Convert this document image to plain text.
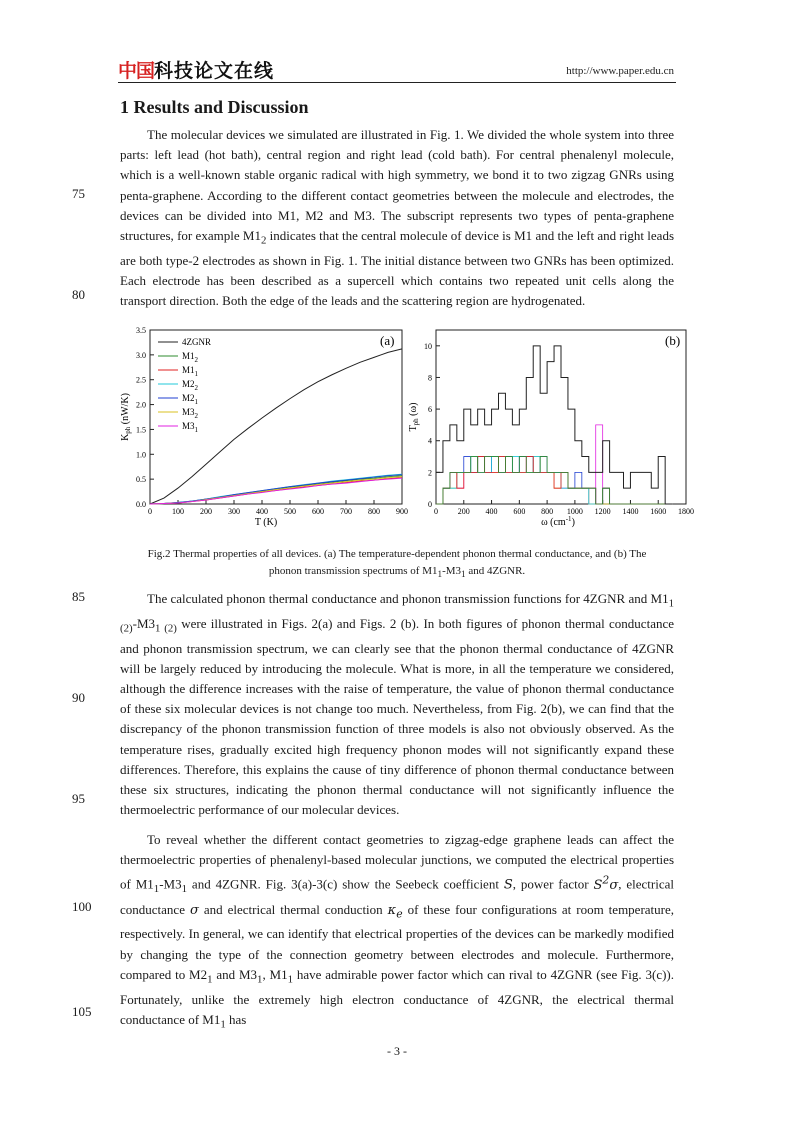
中国 科技论文在线	http://www.paper.edu.cn
1 Results and Discussion

The molecular devices we simulated are illustrated in Fig. 1. We divided the whole system into three parts: left lead (hot bath), central region and right lead (cold bath). For central phenalenyl molecule, which is a well-known stable organic radical with high symmetry, we bond it to two zigzag GNRs using penta-graphene. According to the different contact geometries between the molecule and electrodes, the devices can be divided into M1, M2 and M3. The subscript represents two types of penta-graphene structures, for example $M1_2$ indicates that the central molecule of device is M1 and the left and right leads are both type-2 electrodes as shown in Fig. 1. The initial distance between two GNRs has been optimized. Each electrode has been described as a supercell which contains two repeated unit cells along the transport direction. Both the edge of the leads and the scattering region are hydrogenated.

75
80
85
90
95
100
105
0.0
0.5
1.0
1.5
2.0
2.5
3.0
3.5
0	100 200 300 400 500 600 700 800 900
4ZGNR
$M1_2$
$M1_1$
$M2_2$
$M2_1$
$M3_2$
$M3_1$
(a)
T (K)
$K_{ph}$ (nW/K)
0
2
4
6
8
10
0 200 400 600 800 1000 1200 1400 1600 1800
(b)
ω $(cm^{-1})$
$T_{ph}$ (ω)
Fig.2 Thermal properties of all devices. (a) The temperature-dependent phonon thermal conductance, and (b) The
phonon transmission spectrums of $M1_1-M3_1$ and 4ZGNR.

The calculated phonon thermal conductance and phonon transmission functions for 4ZGNR and $M1_{1 (2)}-M3_{1 (2)}$ were illustrated in Figs. 2(a) and Figs. 2 (b). In both figures of phonon thermal conductance and phonon transmission spectrum, we can clearly see that the phonon thermal conductance of 4ZGNR will be largely reduced by introducing the molecule. What is more, in all the temperature we considered, although the difference increases with the raise of temperature, the value of phonon thermal conductance of these six molecular devices is not change too much. Nevertheless, from Fig. 2(b), we can find that the discrepancy of the phonon transmission function of three models is also not obviously observed. As the temperature rises, gradually excited high frequency phonon modes will not significantly expand these differences. Therefore, this explains the cause of tiny difference of phonon thermal conductance between these six structures, indicating the phonon thermal conductance will not significantly influence the thermoelectric performance of our molecular devices.

To reveal whether the different contact geometries to zigzag-edge graphene leads can affect the thermoelectric properties of phenalenyl-based molecular junctions, we computed the electrical properties of $M1_1-M3_1$ and 4ZGNR. Fig. 3(a)-3(c) show the Seebeck coefficient S, power factor $S^2\sigma$, electrical conductance σ and electrical thermal conduction $\kappa_e$ of these four configurations at room temperature, respectively. In general, we can identify that electrical properties of the devices can be markedly modified by changing the type of the connection geometry between electrodes and molecule. Furthermore, compared to $M2_1$ and $M3_1$, $M1_1$ have admirable power factor which can rival to 4ZGNR (see Fig. 3(c)). Fortunately, unlike the extremely high electron conductance of 4ZGNR, the electrical thermal conductance of $M1_1$ has

- 3 -
